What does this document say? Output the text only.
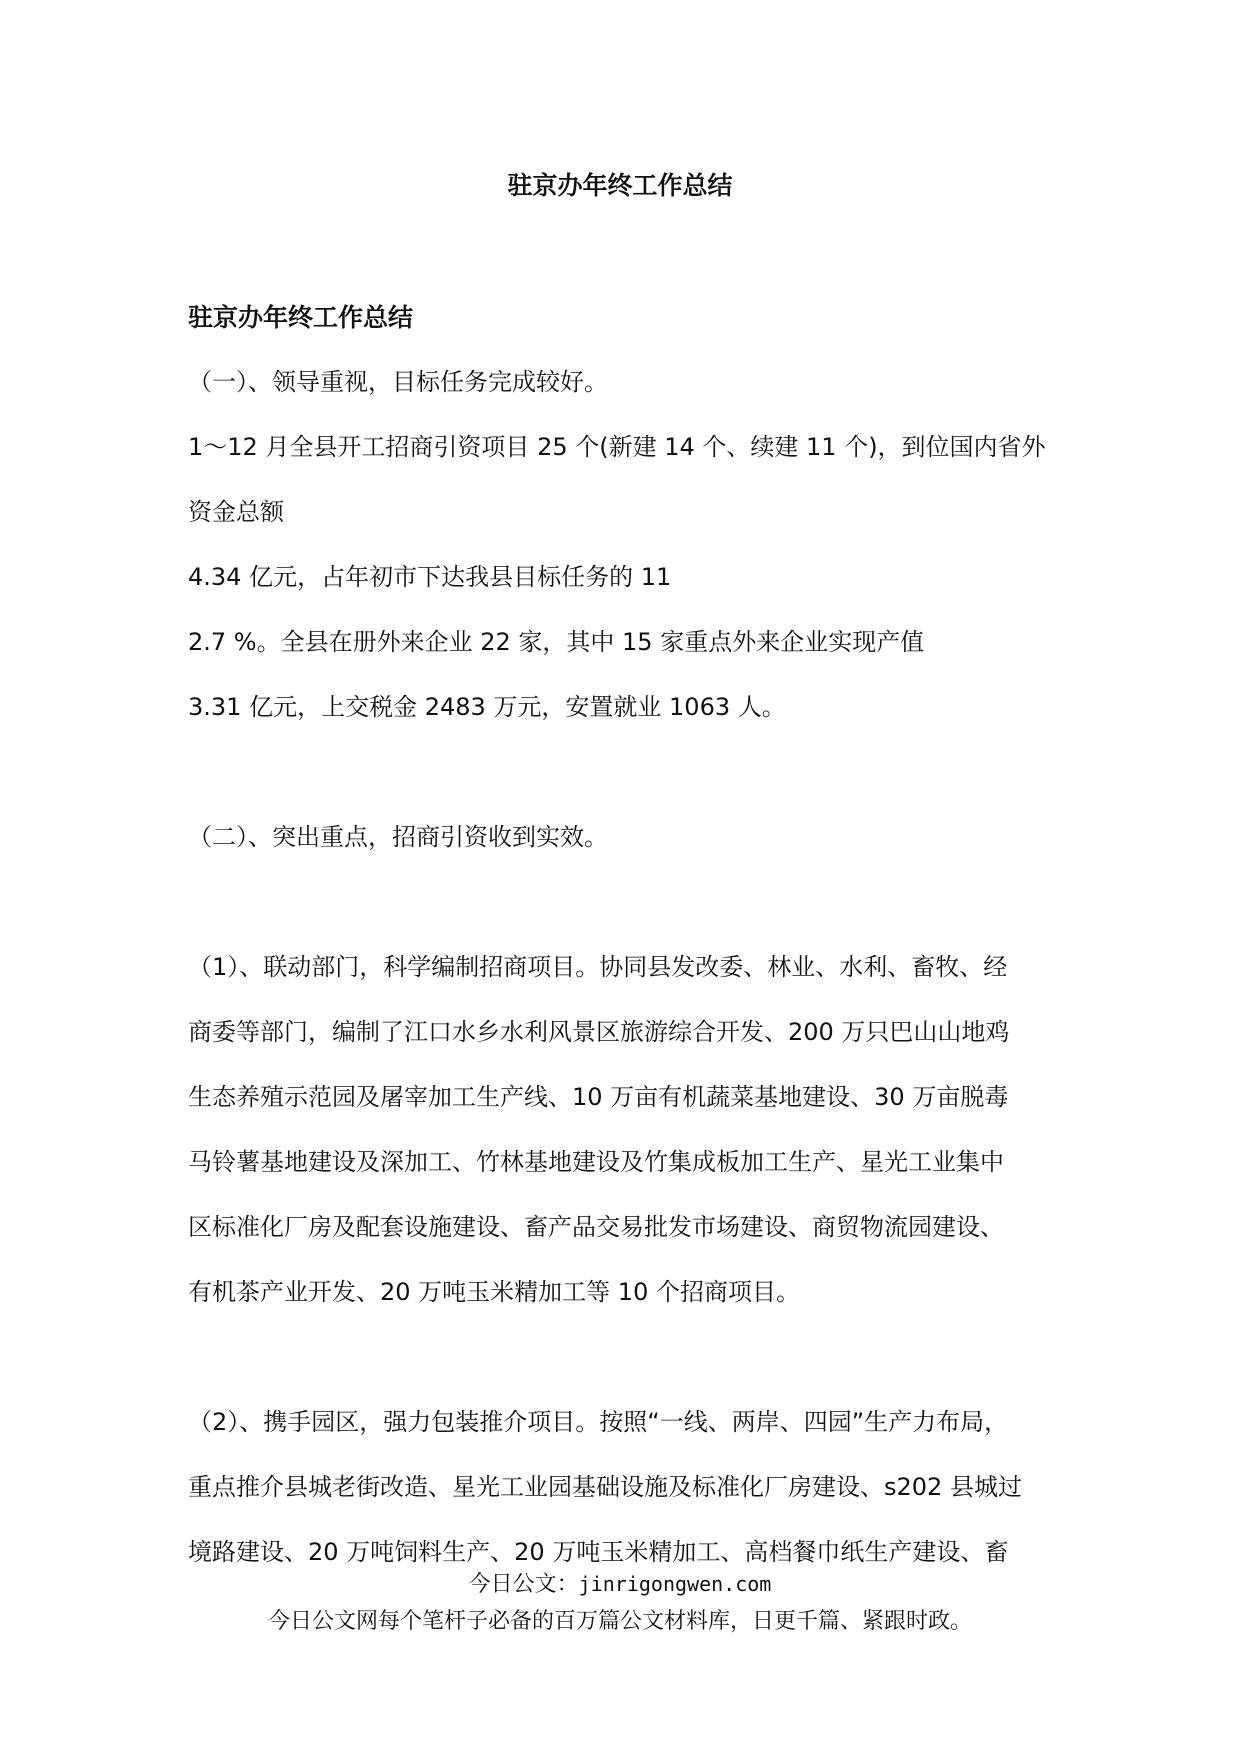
驻京办年终工作总结

驻京办年终工作总结

（一）、领导重视，目标任务完成较好。

1～12 月全县开工招商引资项目 25 个(新建 14 个、续建 11 个)，到位国内省外

资金总额

4.34 亿元，占年初市下达我县目标任务的 11

2.7 %。全县在册外来企业 22 家，其中 15 家重点外来企业实现产值

3.31 亿元，上交税金 2483 万元，安置就业 1063 人。

（二）、突出重点，招商引资收到实效。

（1）、联动部门，科学编制招商项目。协同县发改委、林业、水利、畜牧、经

商委等部门，编制了江口水乡水利风景区旅游综合开发、200 万只巴山山地鸡

生态养殖示范园及屠宰加工生产线、10 万亩有机蔬菜基地建设、30 万亩脱毒

马铃薯基地建设及深加工、竹林基地建设及竹集成板加工生产、星光工业集中

区标准化厂房及配套设施建设、畜产品交易批发市场建设、商贸物流园建设、

有机茶产业开发、20 万吨玉米精加工等 10 个招商项目。

（2）、携手园区，强力包装推介项目。按照“一线、两岸、四园”生产力布局，

重点推介县城老街改造、星光工业园基础设施及标准化厂房建设、s202 县城过

境路建设、20 万吨饲料生产、20 万吨玉米精加工、高档餐巾纸生产建设、畜

今日公文：jinrigongwen.com
今日公文网每个笔杆子必备的百万篇公文材料库，日更千篇、紧跟时政。
